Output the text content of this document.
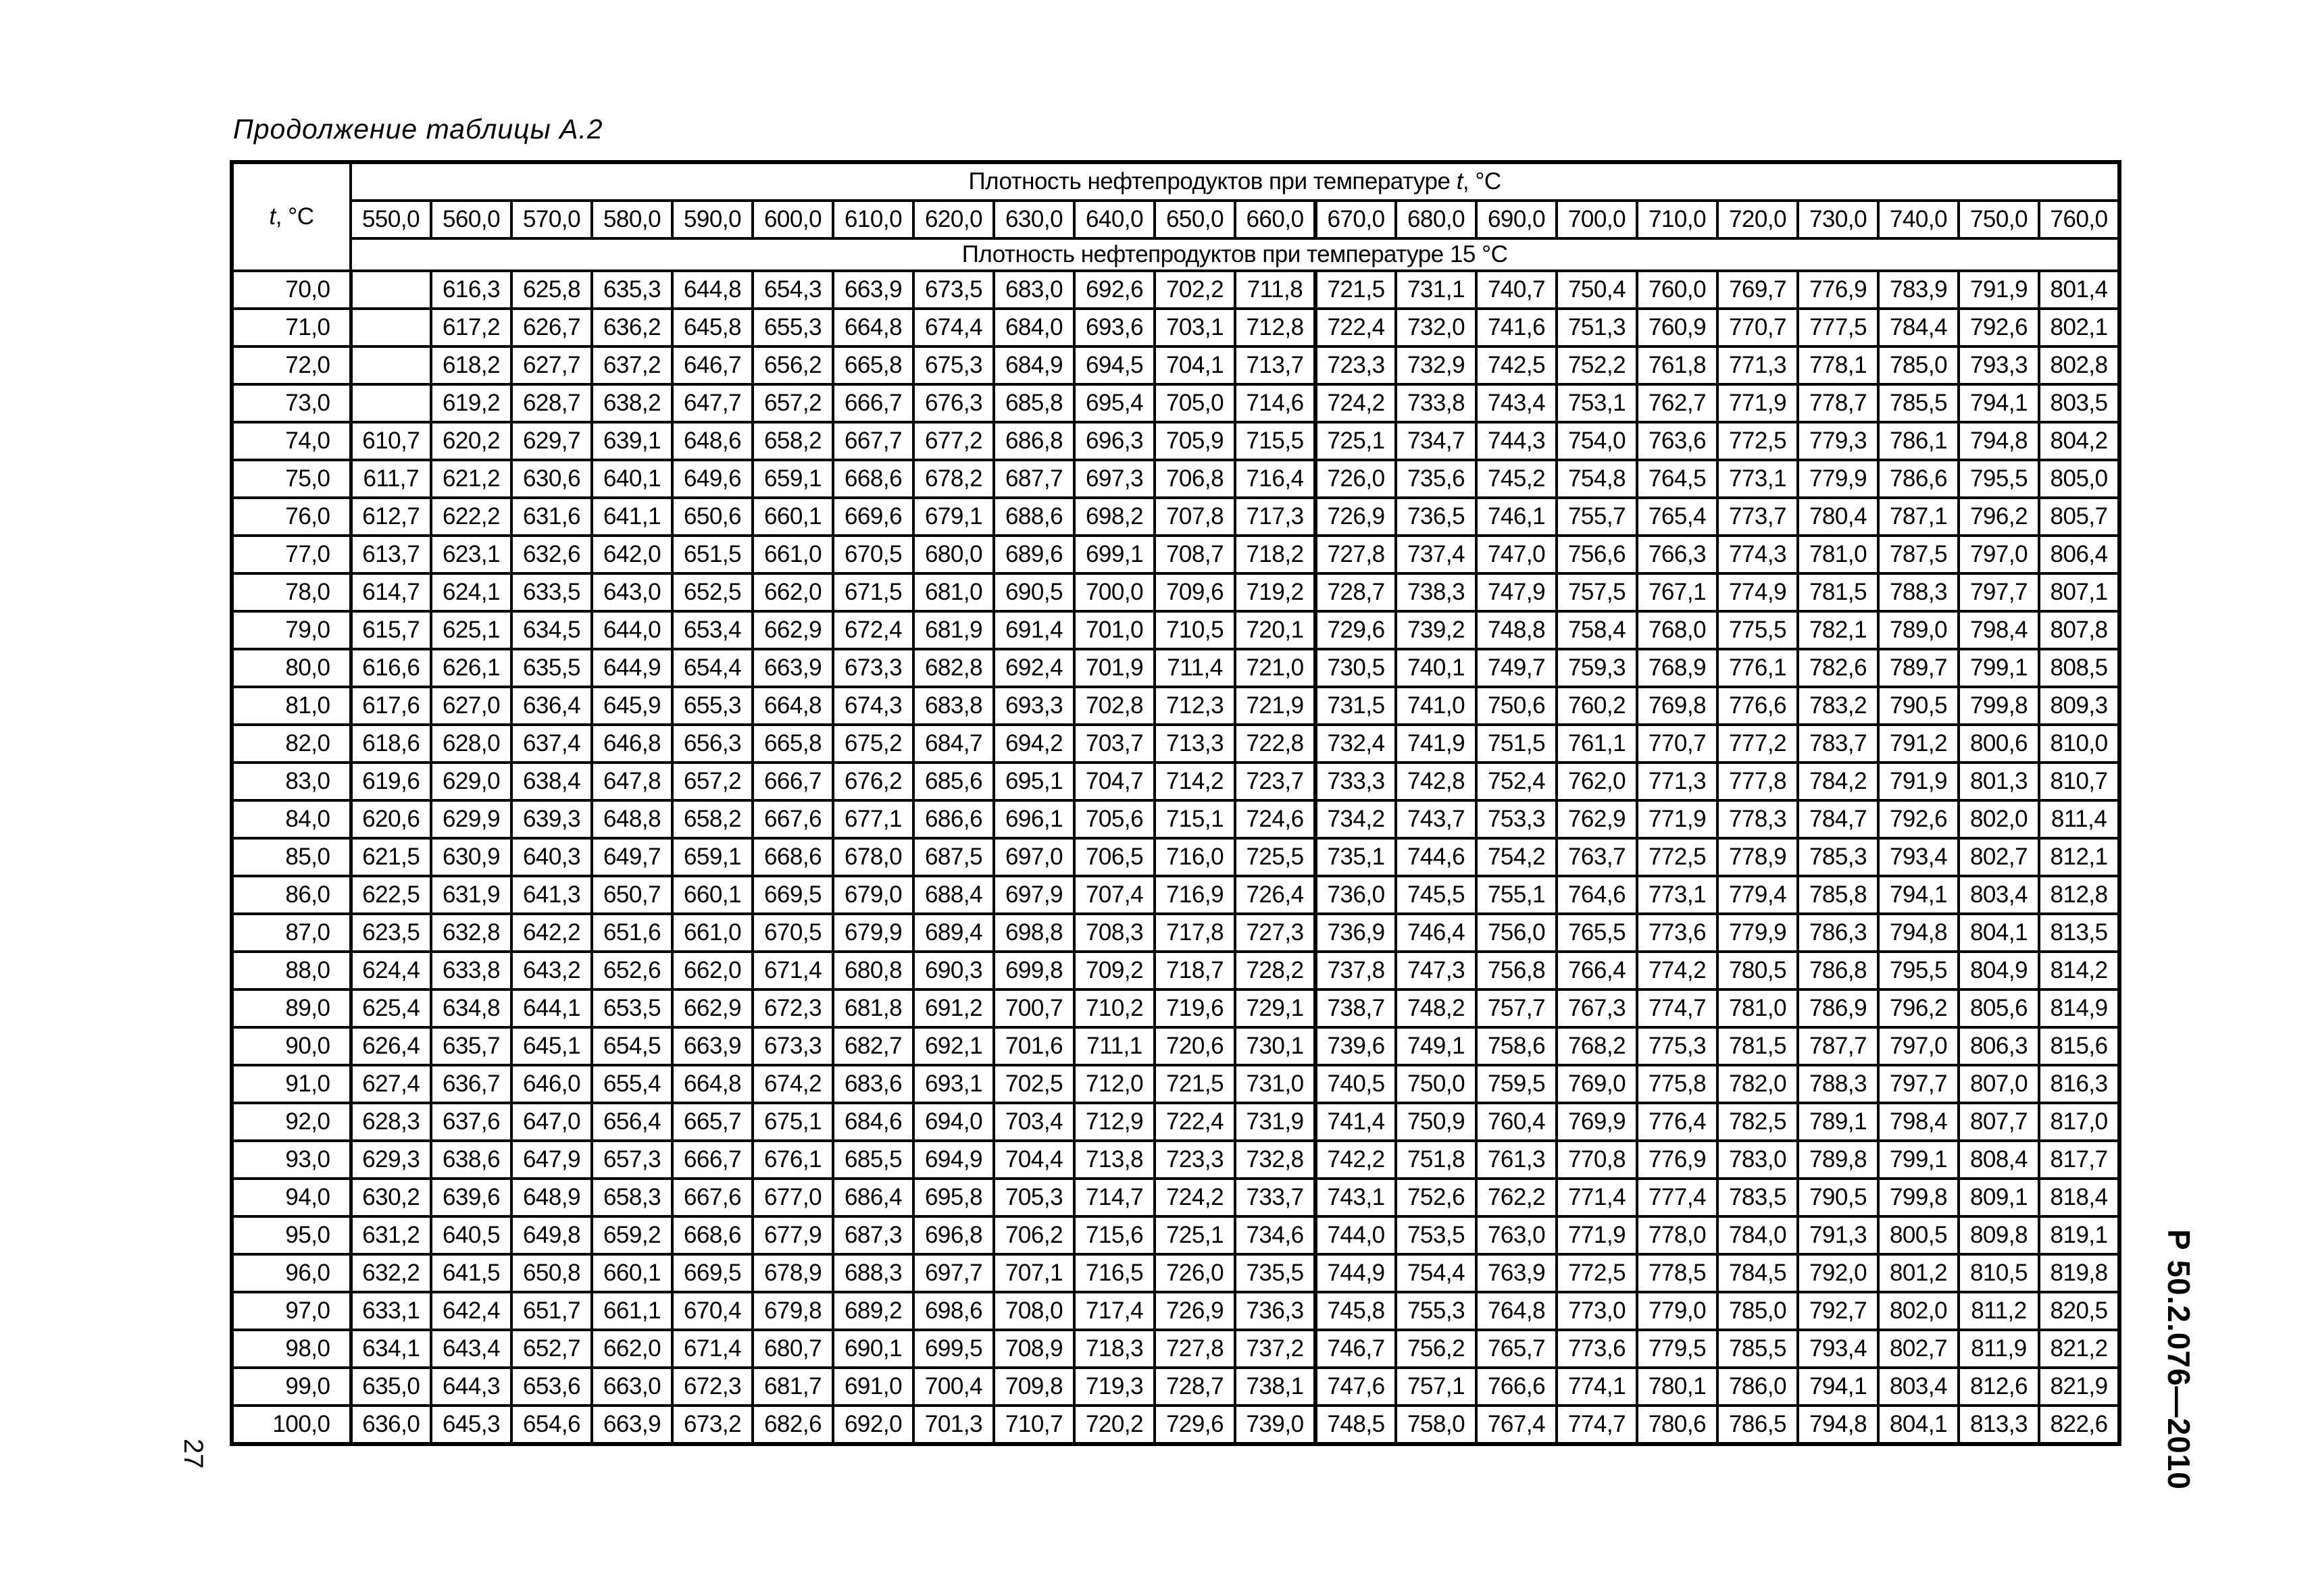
Продолжение таблицы А.2
t, °С	Плотность нефтепродуктов при температуре t, °С																					
	550,0	560,0	570,0	580,0	590,0	600,0	610,0	620,0	630,0	640,0	650,0	660,0	670,0	680,0	690,0	700,0	710,0	720,0	730,0	740,0	750,0	760,0
	Плотность нефтепродуктов при температуре 15 °С																					
70,0		616,3	625,8	635,3	644,8	654,3	663,9	673,5	683,0	692,6	702,2	711,8	721,5	731,1	740,7	750,4	760,0	769,7	776,9	783,9	791,9	801,4
71,0		617,2	626,7	636,2	645,8	655,3	664,8	674,4	684,0	693,6	703,1	712,8	722,4	732,0	741,6	751,3	760,9	770,7	777,5	784,4	792,6	802,1
72,0		618,2	627,7	637,2	646,7	656,2	665,8	675,3	684,9	694,5	704,1	713,7	723,3	732,9	742,5	752,2	761,8	771,3	778,1	785,0	793,3	802,8
73,0		619,2	628,7	638,2	647,7	657,2	666,7	676,3	685,8	695,4	705,0	714,6	724,2	733,8	743,4	753,1	762,7	771,9	778,7	785,5	794,1	803,5
74,0	610,7	620,2	629,7	639,1	648,6	658,2	667,7	677,2	686,8	696,3	705,9	715,5	725,1	734,7	744,3	754,0	763,6	772,5	779,3	786,1	794,8	804,2
75,0	611,7	621,2	630,6	640,1	649,6	659,1	668,6	678,2	687,7	697,3	706,8	716,4	726,0	735,6	745,2	754,8	764,5	773,1	779,9	786,6	795,5	805,0
76,0	612,7	622,2	631,6	641,1	650,6	660,1	669,6	679,1	688,6	698,2	707,8	717,3	726,9	736,5	746,1	755,7	765,4	773,7	780,4	787,1	796,2	805,7
77,0	613,7	623,1	632,6	642,0	651,5	661,0	670,5	680,0	689,6	699,1	708,7	718,2	727,8	737,4	747,0	756,6	766,3	774,3	781,0	787,5	797,0	806,4
78,0	614,7	624,1	633,5	643,0	652,5	662,0	671,5	681,0	690,5	700,0	709,6	719,2	728,7	738,3	747,9	757,5	767,1	774,9	781,5	788,3	797,7	807,1
79,0	615,7	625,1	634,5	644,0	653,4	662,9	672,4	681,9	691,4	701,0	710,5	720,1	729,6	739,2	748,8	758,4	768,0	775,5	782,1	789,0	798,4	807,8
80,0	616,6	626,1	635,5	644,9	654,4	663,9	673,3	682,8	692,4	701,9	711,4	721,0	730,5	740,1	749,7	759,3	768,9	776,1	782,6	789,7	799,1	808,5
81,0	617,6	627,0	636,4	645,9	655,3	664,8	674,3	683,8	693,3	702,8	712,3	721,9	731,5	741,0	750,6	760,2	769,8	776,6	783,2	790,5	799,8	809,3
82,0	618,6	628,0	637,4	646,8	656,3	665,8	675,2	684,7	694,2	703,7	713,3	722,8	732,4	741,9	751,5	761,1	770,7	777,2	783,7	791,2	800,6	810,0
83,0	619,6	629,0	638,4	647,8	657,2	666,7	676,2	685,6	695,1	704,7	714,2	723,7	733,3	742,8	752,4	762,0	771,3	777,8	784,2	791,9	801,3	810,7
84,0	620,6	629,9	639,3	648,8	658,2	667,6	677,1	686,6	696,1	705,6	715,1	724,6	734,2	743,7	753,3	762,9	771,9	778,3	784,7	792,6	802,0	811,4
85,0	621,5	630,9	640,3	649,7	659,1	668,6	678,0	687,5	697,0	706,5	716,0	725,5	735,1	744,6	754,2	763,7	772,5	778,9	785,3	793,4	802,7	812,1
86,0	622,5	631,9	641,3	650,7	660,1	669,5	679,0	688,4	697,9	707,4	716,9	726,4	736,0	745,5	755,1	764,6	773,1	779,4	785,8	794,1	803,4	812,8
87,0	623,5	632,8	642,2	651,6	661,0	670,5	679,9	689,4	698,8	708,3	717,8	727,3	736,9	746,4	756,0	765,5	773,6	779,9	786,3	794,8	804,1	813,5
88,0	624,4	633,8	643,2	652,6	662,0	671,4	680,8	690,3	699,8	709,2	718,7	728,2	737,8	747,3	756,8	766,4	774,2	780,5	786,8	795,5	804,9	814,2
89,0	625,4	634,8	644,1	653,5	662,9	672,3	681,8	691,2	700,7	710,2	719,6	729,1	738,7	748,2	757,7	767,3	774,7	781,0	786,9	796,2	805,6	814,9
90,0	626,4	635,7	645,1	654,5	663,9	673,3	682,7	692,1	701,6	711,1	720,6	730,1	739,6	749,1	758,6	768,2	775,3	781,5	787,7	797,0	806,3	815,6
91,0	627,4	636,7	646,0	655,4	664,8	674,2	683,6	693,1	702,5	712,0	721,5	731,0	740,5	750,0	759,5	769,0	775,8	782,0	788,3	797,7	807,0	816,3
92,0	628,3	637,6	647,0	656,4	665,7	675,1	684,6	694,0	703,4	712,9	722,4	731,9	741,4	750,9	760,4	769,9	776,4	782,5	789,1	798,4	807,7	817,0
93,0	629,3	638,6	647,9	657,3	666,7	676,1	685,5	694,9	704,4	713,8	723,3	732,8	742,2	751,8	761,3	770,8	776,9	783,0	789,8	799,1	808,4	817,7
94,0	630,2	639,6	648,9	658,3	667,6	677,0	686,4	695,8	705,3	714,7	724,2	733,7	743,1	752,6	762,2	771,4	777,4	783,5	790,5	799,8	809,1	818,4
95,0	631,2	640,5	649,8	659,2	668,6	677,9	687,3	696,8	706,2	715,6	725,1	734,6	744,0	753,5	763,0	771,9	778,0	784,0	791,3	800,5	809,8	819,1
96,0	632,2	641,5	650,8	660,1	669,5	678,9	688,3	697,7	707,1	716,5	726,0	735,5	744,9	754,4	763,9	772,5	778,5	784,5	792,0	801,2	810,5	819,8
97,0	633,1	642,4	651,7	661,1	670,4	679,8	689,2	698,6	708,0	717,4	726,9	736,3	745,8	755,3	764,8	773,0	779,0	785,0	792,7	802,0	811,2	820,5
98,0	634,1	643,4	652,7	662,0	671,4	680,7	690,1	699,5	708,9	718,3	727,8	737,2	746,7	756,2	765,7	773,6	779,5	785,5	793,4	802,7	811,9	821,2
99,0	635,0	644,3	653,6	663,0	672,3	681,7	691,0	700,4	709,8	719,3	728,7	738,1	747,6	757,1	766,6	774,1	780,1	786,0	794,1	803,4	812,6	821,9
100,0	636,0	645,3	654,6	663,9	673,2	682,6	692,0	701,3	710,7	720,2	729,6	739,0	748,5	758,0	767,4	774,7	780,6	786,5	794,8	804,1	813,3	822,6 Р 50.2.076—2010
27
